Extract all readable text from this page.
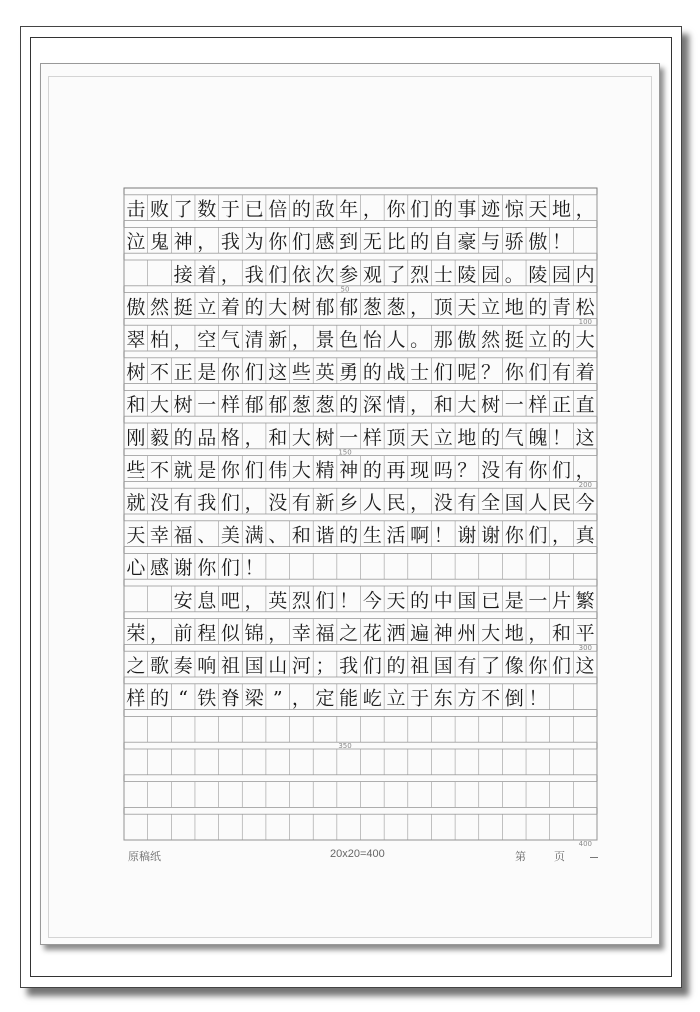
击 败 了 数 于 已 倍 的 敌 年 ， 你 们 的 事 迹 惊 天 地 ，
泣 鬼 神 ， 我 为 你 们 感 到 无 比 的 自 豪 与 骄 傲 ！
接 着 ， 我 们 依 次 参 观 了 烈 士 陵 园 。 陵 园 内
傲 然 挺 立 着 的 大 树 郁 郁 葱 葱 ， 顶 天 立 地 的 青 松
翠 柏 ， 空 气 清 新 ， 景 色 怡 人 。 那 傲 然 挺 立 的 大
树 不 正 是 你 们 这 些 英 勇 的 战 士 们 呢 ？ 你 们 有 着
和 大 树 一 样 郁 郁 葱 葱 的 深 情 ， 和 大 树 一 样 正 直
刚 毅 的 品 格 ， 和 大 树 一 样 顶 天 立 地 的 气 魄 ！ 这
些 不 就 是 你 们 伟 大 精 神 的 再 现 吗 ？ 没 有 你 们 ，
就 没 有 我 们 ， 没 有 新 乡 人 民 ， 没 有 全 国 人 民 今
天 幸 福 、 美 满 、 和 谐 的 生 活 啊 ！ 谢 谢 你 们 ， 真
心 感 谢 你 们 ！
安 息 吧 ， 英 烈 们 ！ 今 天 的 中 国 已 是 一 片 繁
荣 ， 前 程 似 锦 ， 幸 福 之 花 洒 遍 神 州 大 地 ， 和 平
之 歌 奏 响 祖 国 山 河 ； 我 们 的 祖 国 有 了 像 你 们 这
样 的 “ 铁 脊 梁 ” ， 定 能 屹 立 于 东 方 不 倒 ！
50
100
150
200
300
350
400
原稿纸	20x20=400	第	页
